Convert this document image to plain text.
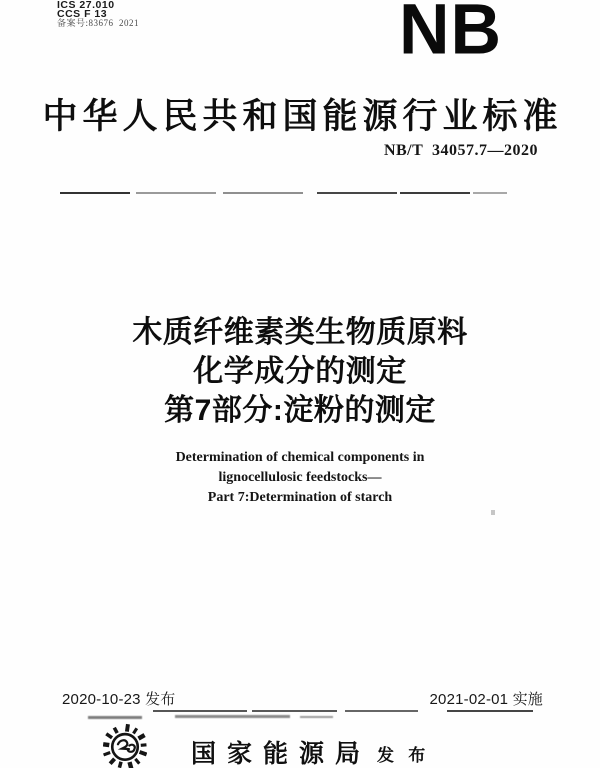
ICS 27.010
CCS F 13
备案号:83676  2021	NB
中华人民共和国能源行业标准
NB/T  34057.7—2020
木质纤维素类生物质原料
化学成分的测定
第7部分:淀粉的测定
Determination of chemical components in
lignocellulosic feedstocks—
Part 7:Determination of starch
2020-10-23 发布	2021-02-01 实施
国家能源局 发 布
